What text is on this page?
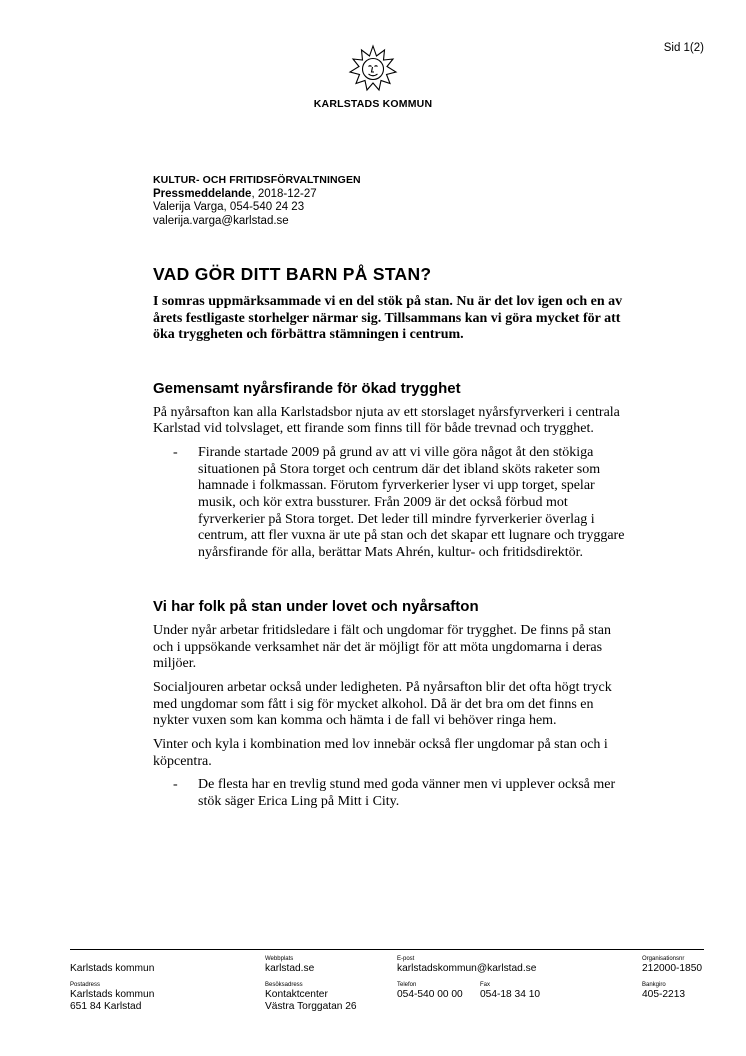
Sid 1(2)
KARLSTADS KOMMUN
KULTUR- OCH FRITIDSFÖRVALTNINGEN
Pressmeddelande, 2018-12-27
Valerija Varga, 054-540 24 23
valerija.varga@karlstad.se
VAD GÖR DITT BARN PÅ STAN?

I somras uppmärksammade vi en del stök på stan. Nu är det lov igen och en av årets festligaste storhelger närmar sig. Tillsammans kan vi göra mycket för att öka tryggheten och förbättra stämningen i centrum.

Gemensamt nyårsfirande för ökad trygghet

På nyårsafton kan alla Karlstadsbor njuta av ett storslaget nyårsfyrverkeri i centrala Karlstad vid tolvslaget, ett firande som finns till för både trevnad och trygghet.

-	Firande startade 2009 på grund av att vi ville göra något åt den stökiga situationen på Stora torget och centrum där det ibland sköts raketer som hamnade i folkmassan. Förutom fyrverkerier lyser vi upp torget, spelar musik, och kör extra bussturer. Från 2009 är det också förbud mot fyrverkerier på Stora torget. Det leder till mindre fyrverkerier överlag i centrum, att fler vuxna är ute på stan och det skapar ett lugnare och tryggare nyårsfirande för alla, berättar Mats Ahrén, kultur- och fritidsdirektör.
Vi har folk på stan under lovet och nyårsafton

Under nyår arbetar fritidsledare i fält och ungdomar för trygghet. De finns på stan och i uppsökande verksamhet när det är möjligt för att möta ungdomarna i deras miljöer.

Socialjouren arbetar också under ledigheten. På nyårsafton blir det ofta högt tryck med ungdomar som fått i sig för mycket alkohol. Då är det bra om det finns en nykter vuxen som kan komma och hämta i de fall vi behöver ringa hem.

Vinter och kyla i kombination med lov innebär också fler ungdomar på stan och i köpcentra.

-	De flesta har en trevlig stund med goda vänner men vi upplever också mer stök säger Erica Ling på Mitt i City.
Karlstads kommun
Webbplats
karlstad.se
E-post
karlstadskommun@karlstad.se
Organisationsnr
212000-1850
Postadress
Karlstads kommun
651 84 Karlstad
Besöksadress
Kontaktcenter
Västra Torggatan 26
Telefon
054-540 00 00
Fax
054-18 34 10
Bankgiro
405-2213
